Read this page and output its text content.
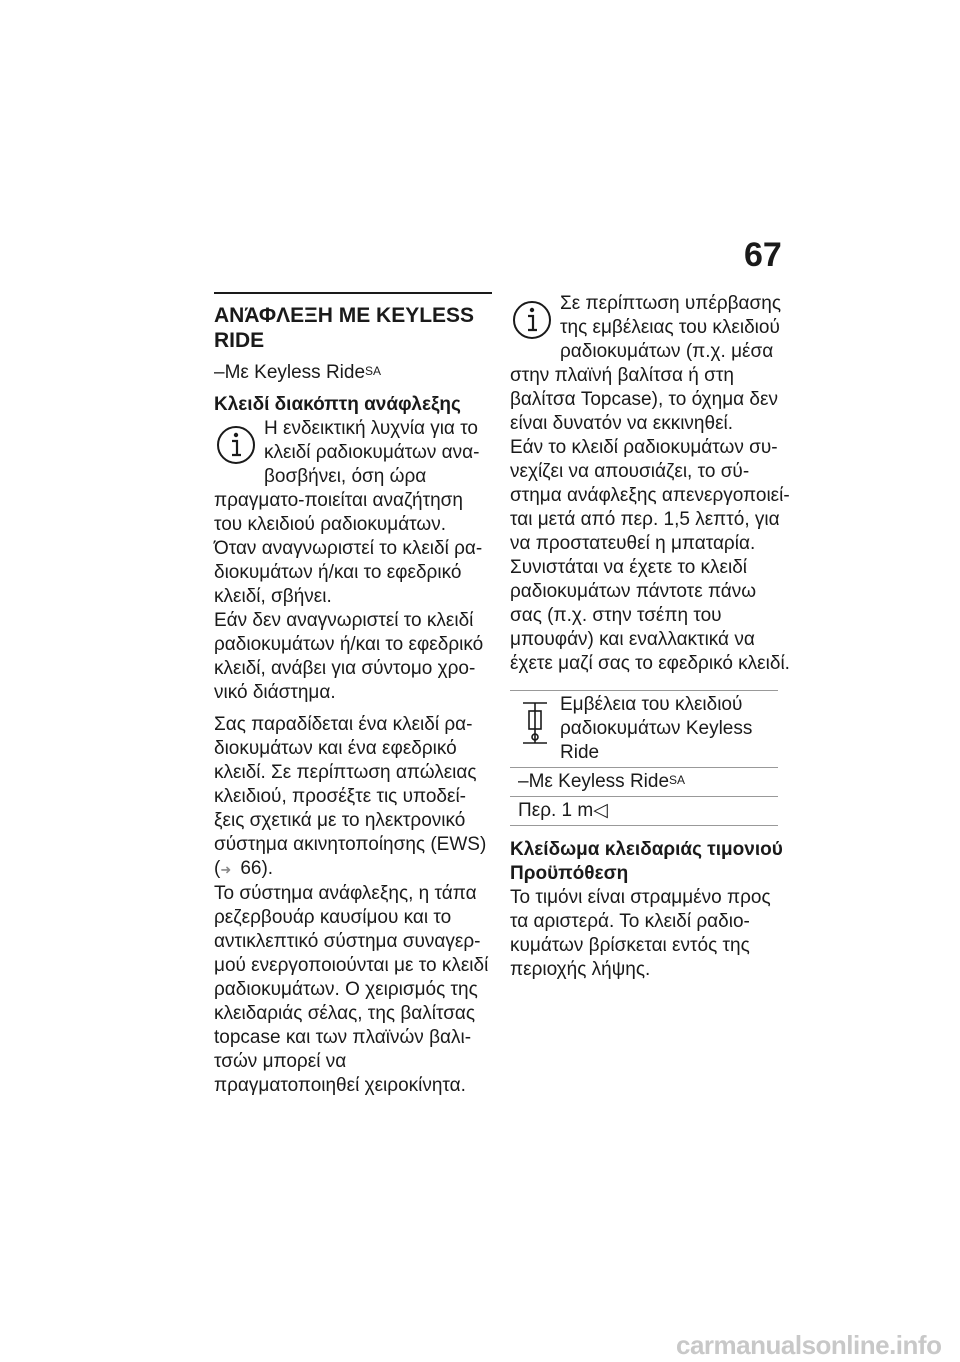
67
ΑΝΆΦΛΕΞΗ ΜΕ KEYLESS RIDE

–Με Keyless Ride$^{SA}$

Κλειδί διακόπτη ανάφλεξης

Η ενδεικτική λυχνία για το κλειδί ραδιοκυμάτων ανα-βοσβήνει, όση ώρα πραγματο-ποιείται αναζήτηση του κλειδιού ραδιοκυμάτων.

Όταν αναγνωριστεί το κλειδί ρα-διοκυμάτων ή/και το εφεδρικό κλειδί, σβήνει.

Εάν δεν αναγνωριστεί το κλειδί ραδιοκυμάτων ή/και το εφεδρικό κλειδί, ανάβει για σύντομο χρο-νικό διάστημα.

Σας παραδίδεται ένα κλειδί ρα-διοκυμάτων και ένα εφεδρικό κλειδί. Σε περίπτωση απώλειας κλειδιού, προσέξτε τις υποδεί-ξεις σχετικά με το ηλεκτρονικό σύστημα ακινητοποίησης (EWS) (➜ 66).

Το σύστημα ανάφλεξης, η τάπα ρεζερβουάρ καυσίμου και το αντικλεπτικό σύστημα συναγερ-μού ενεργοποιούνται με το κλειδί ραδιοκυμάτων. Ο χειρισμός της κλειδαριάς σέλας, της βαλίτσας topcase και των πλαϊνών βαλι-τσών μπορεί να πραγματοποιηθεί χειροκίνητα.

Σε περίπτωση υπέρβασης της εμβέλειας του κλειδιού ραδιοκυμάτων (π.χ. μέσα στην πλαϊνή βαλίτσα ή στη βαλίτσα Topcase), το όχημα δεν είναι δυνατόν να εκκινηθεί.

Εάν το κλειδί ραδιοκυμάτων συ-νεχίζει να απουσιάζει, το σύ-στημα ανάφλεξης απενεργοποιεί-ται μετά από περ. 1,5 λεπτό, για να προστατευθεί η μπαταρία.

Συνιστάται να έχετε το κλειδί ραδιοκυμάτων πάντοτε πάνω σας (π.χ. στην τσέπη του μπουφάν) και εναλλακτικά να έχετε μαζί σας το εφεδρικό κλειδί.

Εμβέλεια του κλειδιού ραδιοκυμάτων Keyless Ride
–Με Keyless Ride$^{SA}$
Περ. 1 m◁
Κλείδωμα κλειδαριάς τιμονιού
Προϋπόθεση

Το τιμόνι είναι στραμμένο προς τα αριστερά. Το κλειδί ραδιο-κυμάτων βρίσκεται εντός της περιοχής λήψης.

carmanualsonline.info
